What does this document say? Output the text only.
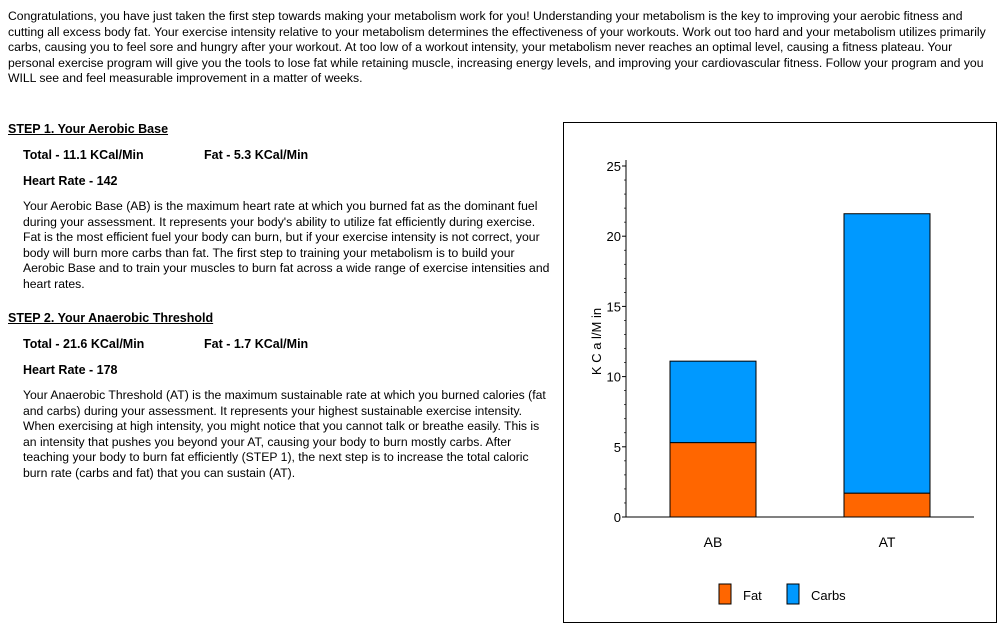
Congratulations, you have just taken the first step towards making your metabolism work for you! Understanding your metabolism is the key to improving your aerobic fitness and cutting all excess body fat. Your exercise intensity relative to your metabolism determines the effectiveness of your workouts. Work out too hard and your metabolism utilizes primarily carbs, causing you to feel sore and hungry after your workout. At too low of a workout intensity, your metabolism never reaches an optimal level, causing a fitness plateau. Your personal exercise program will give you the tools to lose fat while retaining muscle, increasing energy levels, and improving your cardiovascular fitness. Follow your program and you WILL see and feel measurable improvement in a matter of weeks.

STEP 1. Your Aerobic Base
Total - 11.1 KCal/Min	Fat - 5.3 KCal/Min
Heart Rate - 142

Your Aerobic Base (AB) is the maximum heart rate at which you burned fat as the dominant fuel during your assessment. It represents your body's ability to utilize fat efficiently during exercise. Fat is the most efficient fuel your body can burn, but if your exercise intensity is not correct, your body will burn more carbs than fat. The first step to training your metabolism is to build your Aerobic Base and to train your muscles to burn fat across a wide range of exercise intensities and heart rates.

STEP 2. Your Anaerobic Threshold
Total - 21.6 KCal/Min	Fat - 1.7 KCal/Min
Heart Rate - 178

Your Anaerobic Threshold (AT) is the maximum sustainable rate at which you burned calories (fat and carbs) during your assessment. It represents your highest sustainable exercise intensity. When exercising at high intensity, you might notice that you cannot talk or breathe easily. This is an intensity that pushes you beyond your AT, causing your body to burn mostly carbs. After teaching your body to burn fat efficiently (STEP 1), the next step is to increase the total caloric burn rate (carbs and fat) that you can sustain (AT).

0
5
10
15
20
25
K C a l/M in
AB	AT
Fat	Carbs
